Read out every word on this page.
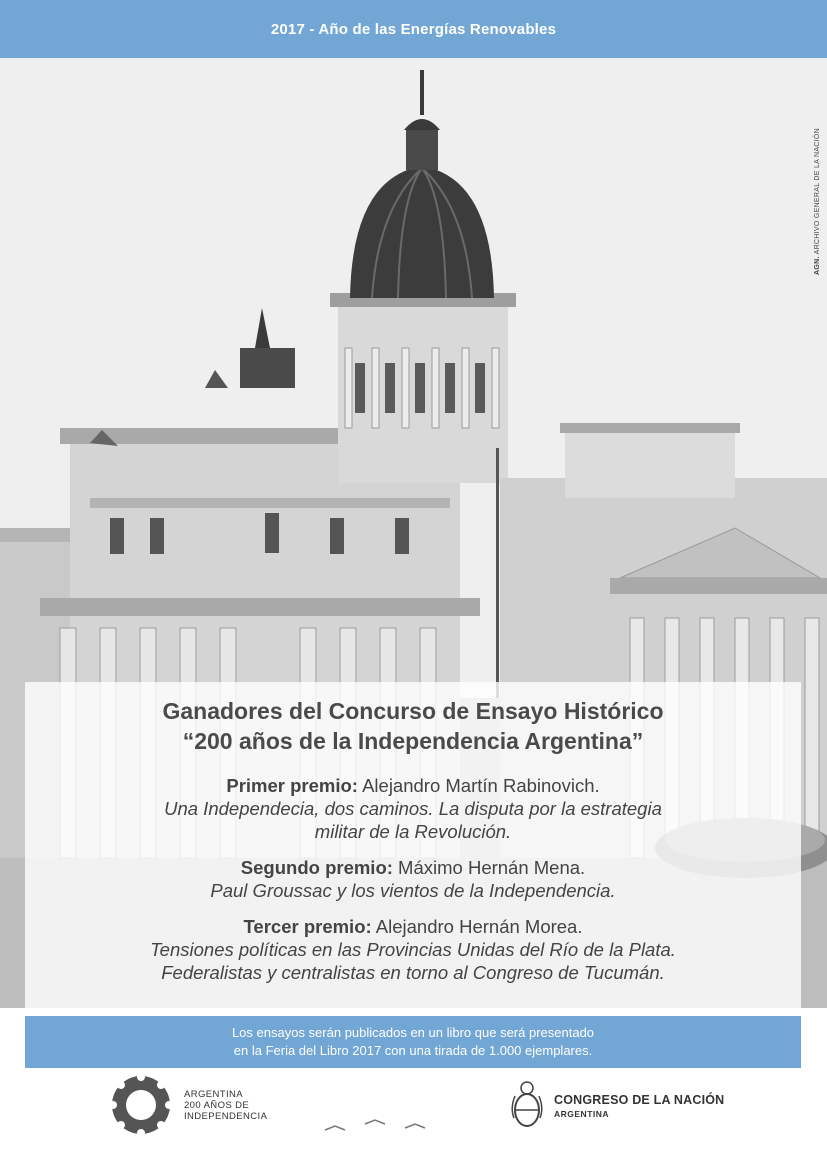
2017 - Año de las Energías Renovables
AGN. ARCHIVO GENERAL DE LA NACIÓN
Ganadores del Concurso de Ensayo Histórico
“200 años de la Independencia Argentina”
Primer premio: Alejandro Martín Rabinovich.
Una Independecia, dos caminos. La disputa por la estrategia
militar de la Revolución.
Segundo premio: Máximo Hernán Mena.
Paul Groussac y los vientos de la Independencia.
Tercer premio: Alejandro Hernán Morea.
Tensiones políticas en las Provincias Unidas del Río de la Plata.
Federalistas y centralistas en torno al Congreso de Tucumán.
Los ensayos serán publicados en un libro que será presentado
en la Feria del Libro 2017 con una tirada de 1.000 ejemplares.
ARGENTINA
200 AÑOS DE
INDEPENDENCIA
CONGRESO DE LA NACIÓN
ARGENTINA
